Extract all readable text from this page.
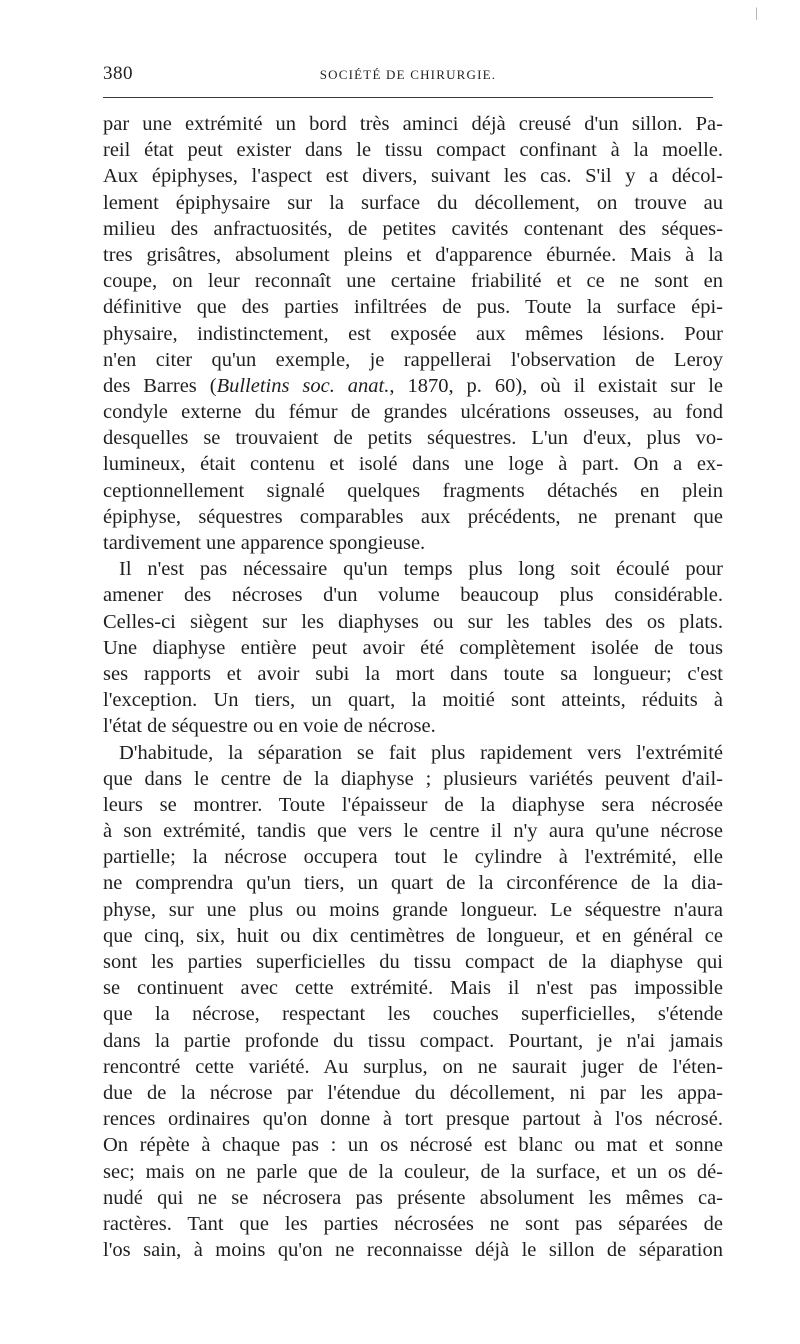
|
380	SOCIÉTÉ DE CHIRURGIE.
par une extrémité un bord très aminci déjà creusé d'un sillon. Pa-
reil état peut exister dans le tissu compact confinant à la moelle.
Aux épiphyses, l'aspect est divers, suivant les cas. S'il y a décol-
lement épiphysaire sur la surface du décollement, on trouve au
milieu des anfractuosités, de petites cavités contenant des séques-
tres grisâtres, absolument pleins et d'apparence éburnée. Mais à la
coupe, on leur reconnaît une certaine friabilité et ce ne sont en
définitive que des parties infiltrées de pus. Toute la surface épi-
physaire, indistinctement, est exposée aux mêmes lésions. Pour
n'en citer qu'un exemple, je rappellerai l'observation de Leroy
des Barres (Bulletins soc. anat., 1870, p. 60), où il existait sur le
condyle externe du fémur de grandes ulcérations osseuses, au fond
desquelles se trouvaient de petits séquestres. L'un d'eux, plus vo-
lumineux, était contenu et isolé dans une loge à part. On a ex-
ceptionnellement signalé quelques fragments détachés en plein
épiphyse, séquestres comparables aux précédents, ne prenant que
tardivement une apparence spongieuse.
Il n'est pas nécessaire qu'un temps plus long soit écoulé pour
amener des nécroses d'un volume beaucoup plus considérable.
Celles-ci siègent sur les diaphyses ou sur les tables des os plats.
Une diaphyse entière peut avoir été complètement isolée de tous
ses rapports et avoir subi la mort dans toute sa longueur; c'est
l'exception. Un tiers, un quart, la moitié sont atteints, réduits à
l'état de séquestre ou en voie de nécrose.
D'habitude, la séparation se fait plus rapidement vers l'extrémité
que dans le centre de la diaphyse ; plusieurs variétés peuvent d'ail-
leurs se montrer. Toute l'épaisseur de la diaphyse sera nécrosée
à son extrémité, tandis que vers le centre il n'y aura qu'une nécrose
partielle; la nécrose occupera tout le cylindre à l'extrémité, elle
ne comprendra qu'un tiers, un quart de la circonférence de la dia-
physe, sur une plus ou moins grande longueur. Le séquestre n'aura
que cinq, six, huit ou dix centimètres de longueur, et en général ce
sont les parties superficielles du tissu compact de la diaphyse qui
se continuent avec cette extrémité. Mais il n'est pas impossible
que la nécrose, respectant les couches superficielles, s'étende
dans la partie profonde du tissu compact. Pourtant, je n'ai jamais
rencontré cette variété. Au surplus, on ne saurait juger de l'éten-
due de la nécrose par l'étendue du décollement, ni par les appa-
rences ordinaires qu'on donne à tort presque partout à l'os nécrosé.
On répète à chaque pas : un os nécrosé est blanc ou mat et sonne
sec; mais on ne parle que de la couleur, de la surface, et un os dé-
nudé qui ne se nécrosera pas présente absolument les mêmes ca-
ractères. Tant que les parties nécrosées ne sont pas séparées de
l'os sain, à moins qu'on ne reconnaisse déjà le sillon de séparation
